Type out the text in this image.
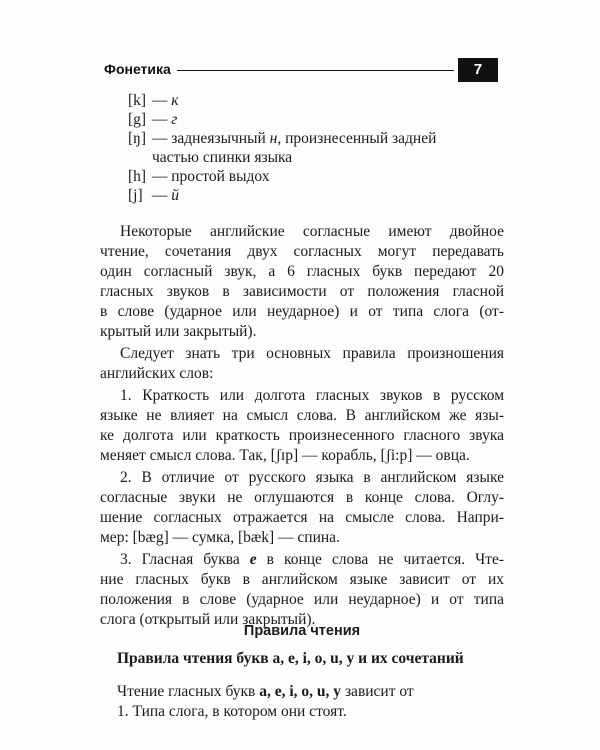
Фонетика	7
[k] — к
[g] — г
[ŋ] — заднеязычный н, произнесенный задней
частью спинки языка
[h] — простой выдох
[j] — й
Некоторые английские согласные имеют двойное
чтение, сочетания двух согласных могут передавать
один согласный звук, а 6 гласных букв передают 20
гласных звуков в зависимости от положения гласной
в слове (ударное или неударное) и от типа слога (от-
крытый или закрытый).
Следует знать три основных правила произношения
английских слов:
1. Краткость или долгота гласных звуков в русском
языке не влияет на смысл слова. В английском же язы-
ке долгота или краткость произнесенного гласного звука
меняет смысл слова. Так, [ʃɪp] — корабль, [ʃi:p] — овца.
2. В отличие от русского языка в английском языке
согласные звуки не оглушаются в конце слова. Оглу-
шение согласных отражается на смысле слова. Напри-
мер: [bæg] — сумка, [bæk] — спина.
3. Гласная буква e в конце слова не читается. Чте-
ние гласных букв в английском языке зависит от их
положения в слове (ударное или неударное) и от типа
слога (открытый или закрытый).
Правила чтения
Правила чтения букв a, e, i, o, u, y и их сочетаний
Чтение гласных букв a, e, i, o, u, y зависит от
1. Типа слога, в котором они стоят.
